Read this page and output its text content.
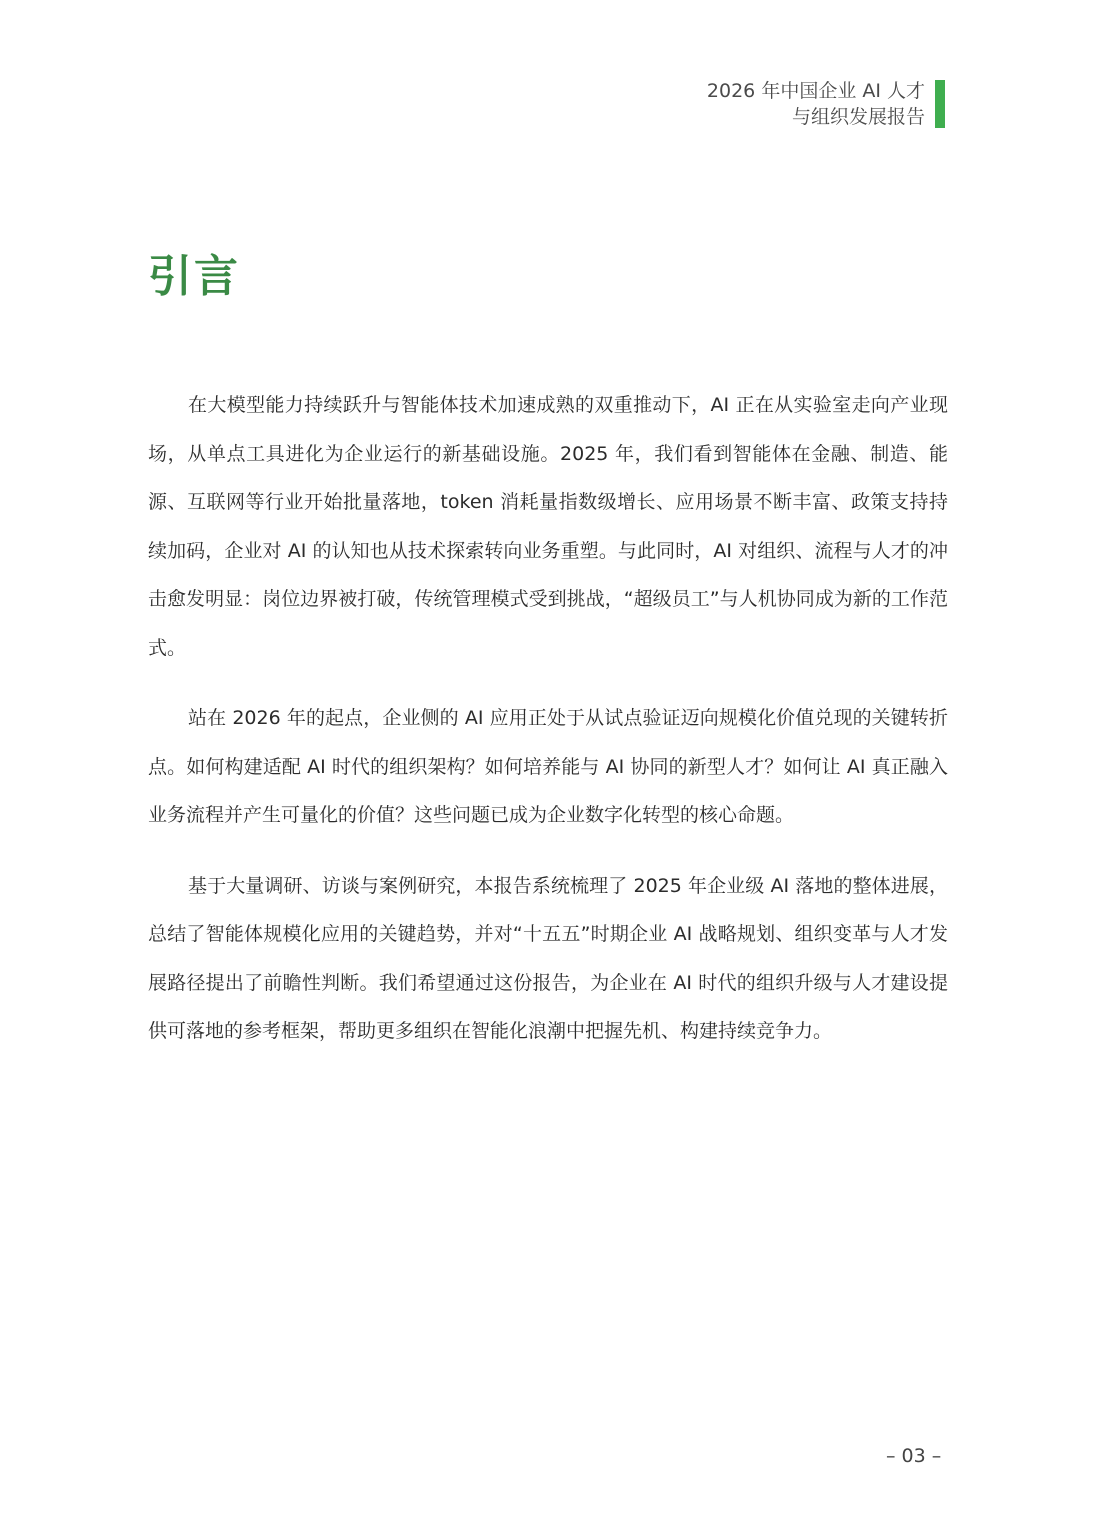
2026 年中国企业 AI 人才
与组织发展报告
引言

在大模型能力持续跃升与智能体技术加速成熟的双重推动下，AI 正在从实验室走向产业现场，从单点工具进化为企业运行的新基础设施。2025 年，我们看到智能体在金融、制造、能源、互联网等行业开始批量落地，token 消耗量指数级增长、应用场景不断丰富、政策支持持续加码，企业对 AI 的认知也从技术探索转向业务重塑。与此同时，AI 对组织、流程与人才的冲击愈发明显：岗位边界被打破，传统管理模式受到挑战，“超级员工”与人机协同成为新的工作范式。

站在 2026 年的起点，企业侧的 AI 应用正处于从试点验证迈向规模化价值兑现的关键转折点。如何构建适配 AI 时代的组织架构？如何培养能与 AI 协同的新型人才？如何让 AI 真正融入业务流程并产生可量化的价值？这些问题已成为企业数字化转型的核心命题。

基于大量调研、访谈与案例研究，本报告系统梳理了 2025 年企业级 AI 落地的整体进展，总结了智能体规模化应用的关键趋势，并对“十五五”时期企业 AI 战略规划、组织变革与人才发展路径提出了前瞻性判断。我们希望通过这份报告，为企业在 AI 时代的组织升级与人才建设提供可落地的参考框架，帮助更多组织在智能化浪潮中把握先机、构建持续竞争力。

– 03 –
